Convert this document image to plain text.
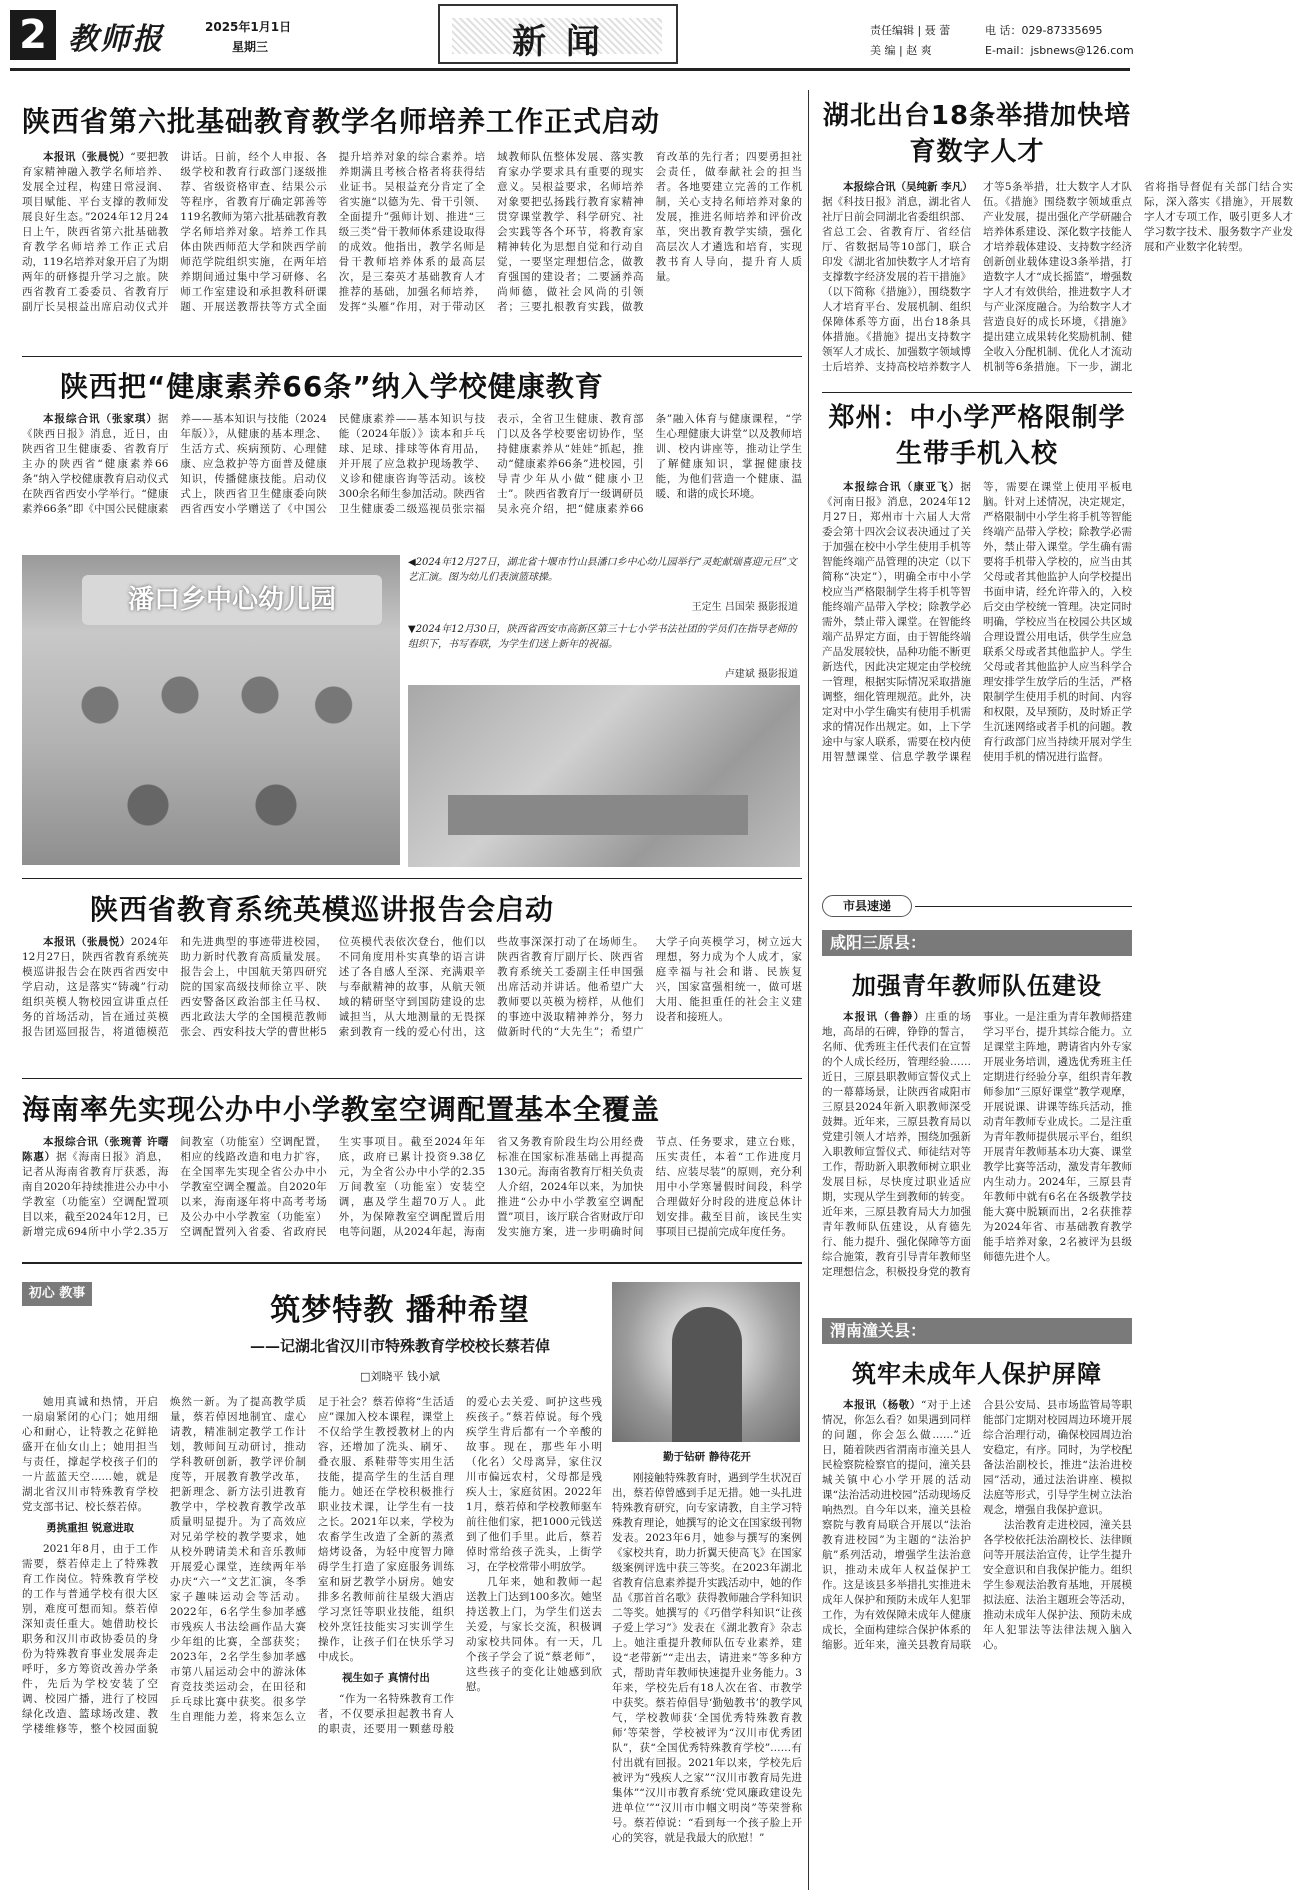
2 教师报	2025年1月1日
星期三	新 闻	责任编辑 | 聂 蕾	电 话：029-87335695
美 编 | 赵 爽	E-mail：jsbnews@126.com
陕西省第六批基础教育教学名师培养工作正式启动
本报讯（张晨悦）“要把教育家精神融入教学名师培养、发展全过程，构建日常浸润、项目赋能、平台支撑的教师发展良好生态。”2024年12月24日上午，陕西省第六批基础教育教学名师培养工作正式启动，119名培养对象开启了为期两年的研修提升学习之旅。陕西省教育工委委员、省教育厅副厅长吴根益出席启动仪式并讲话。日前，经个人申报、各级学校和教育行政部门逐级推荐、省级资格审查、结果公示等程序，省教育厅确定郭善等119名教师为第六批基础教育教学名师培养对象。培养工作具体由陕西师范大学和陕西学前师范学院组织实施，在两年培养期间通过集中学习研修、名师工作室建设和承担教科研课题、开展送教帮扶等方式全面提升培养对象的综合素养。培养期满且考核合格者将获得结业证书。吴根益充分肯定了全省实施“以德为先、骨干引领、全面提升”强师计划、推进“三级三类”骨干教师体系建设取得的成效。他指出，教学名师是骨干教师培养体系的最高层次，是三秦英才基础教育人才推荐的基础，加强名师培养，发挥“头雁”作用，对于带动区域教师队伍整体发展、落实教育家办学要求具有重要的现实意义。吴根益要求，名师培养对象要把弘扬践行教育家精神贯穿课堂教学、科学研究、社会实践等各个环节，将教育家精神转化为思想自觉和行动自觉，一要坚定理想信念，做教育强国的建设者；二要涵养高尚师德，做社会风尚的引领者；三要扎根教育实践，做教育改革的先行者；四要勇担社会责任，做奉献社会的担当者。各地要建立完善的工作机制，关心支持名师培养对象的发展，推进名师培养和评价改革，突出教育教学实绩，强化高层次人才遴选和培育，实现教书育人导向，提升育人质量。
陕西把“健康素养66条”纳入学校健康教育
本报综合讯（张家琪）据《陕西日报》消息，近日，由陕西省卫生健康委、省教育厅主办的陕西省“健康素养66条”纳入学校健康教育启动仪式在陕西省西安小学举行。“健康素养66条”即《中国公民健康素养——基本知识与技能（2024年版）》，从健康的基本理念、生活方式、疾病预防、心理健康、应急救护等方面普及健康知识，传播健康技能。启动仪式上，陕西省卫生健康委向陕西省西安小学赠送了《中国公民健康素养——基本知识与技能（2024年版）》读本和乒乓球、足球、排球等体育用品，并开展了应急救护现场教学、义诊和健康咨询等活动。该校300余名师生参加活动。陕西省卫生健康委二级巡视员张宗福表示，全省卫生健康、教育部门以及各学校要密切协作，坚持健康素养从“娃娃”抓起，推动“健康素养66条”进校园，引导青少年从小做“健康小卫士”。陕西省教育厅一级调研员吴永亮介绍，把“健康素养66条”融入体育与健康课程，“学生心理健康大讲堂”以及教师培训、校内讲座等，推动让学生了解健康知识，掌握健康技能，为他们营造一个健康、温暖、和谐的成长环境。
潘口乡中心幼儿园
◀2024年12月27日，湖北省十堰市竹山县潘口乡中心幼儿园举行“灵蛇献瑞喜迎元旦”文艺汇演。图为幼儿们表演篮球操。
王定生 吕国荣 摄影报道
▼2024年12月30日，陕西省西安市高新区第三十七小学书法社团的学员们在指导老师的组织下，书写春联，为学生们送上新年的祝福。
卢建斌 摄影报道
陕西省教育系统英模巡讲报告会启动
本报讯（张晨悦）2024年12月27日，陕西省教育系统英模巡讲报告会在陕西省西安中学启动，这是落实“铸魂”行动组织英模人物校园宣讲重点任务的首场活动，旨在通过英模报告团巡回报告，将道德模范和先进典型的事迹带进校园，助力新时代教育高质量发展。报告会上，中国航天第四研究院的国家高级技师徐立平、陕西安警备区政治部主任马权、西北政法大学的全国模范教师张会、西安科技大学的曹世彬5位英模代表依次登台，他们以不同角度用朴实真挚的语言讲述了各自感人至深、充满艰辛与奉献精神的故事，从航天领域的精研坚守到国防建设的忠诚担当，从大地测量的无畏探索到教育一线的爱心付出，这些故事深深打动了在场师生。陕西省教育厅副厅长、陕西省教育系统关工委副主任申国强出席活动并讲话。他希望广大教师要以英模为榜样，从他们的事迹中汲取精神养分，努力做新时代的“大先生”；希望广大学子向英模学习，树立远大理想，努力成为个人成才，家庭幸福与社会和谐、民族复兴，国家富强相统一，做可堪大用、能担重任的社会主义建设者和接班人。
海南率先实现公办中小学教室空调配置基本全覆盖
本报综合讯（张琬菁 许曙陈惠）据《海南日报》消息，记者从海南省教育厅获悉，海南自2020年持续推进公办中小学教室（功能室）空调配置项目以来，截至2024年12月，已新增完成694所中小学2.35万间教室（功能室）空调配置，相应的线路改造和电力扩容，在全国率先实现全省公办中小学教室空调全覆盖。自2020年以来，海南逐年将中高考考场及公办中小学教室（功能室）空调配置列入省委、省政府民生实事项目。截至2024年年底，政府已累计投资9.38亿元，为全省公办中小学的2.35万间教室（功能室）安装空调，惠及学生超70万人。此外，为保障教室空调配置后用电等问题，从2024年起，海南省又务教育阶段生均公用经费标准在国家标准基础上再提高130元。海南省教育厅相关负责人介绍，2024年以来，为加快推进“公办中小学教室空调配置”项目，该厅联合省财政厅印发实施方案，进一步明确时间节点、任务要求，建立台账，压实责任，本着“工作进度月结、应装尽装”的原则，充分利用中小学寒暑假时间段，科学合理做好分时段的进度总体计划安排。截至目前，该民生实事项目已提前完成年度任务。
初心 教事	筑梦特教 播种希望
——记湖北省汉川市特殊教育学校校长蔡若倬
□刘晓平 钱小斌

她用真诚和热情，开启一扇扇紧闭的心门；她用细心和耐心，让特教之花鲜艳盛开在仙女山上；她用担当与责任，撑起学校孩子们的一片蓝蓝天空……她，就是湖北省汉川市特殊教育学校党支部书记、校长蔡若倬。

勇挑重担 锐意进取

2021年8月，由于工作需要，蔡若倬走上了特殊教育工作岗位。特殊教育学校的工作与普通学校有很大区别，难度可想而知。蔡若倬深知责任重大。她借助校长职务和汉川市政协委员的身份为特殊教育事业发展奔走呼吁，多方筹资改善办学条件，先后为学校安装了空调、校园广播，进行了校园绿化改造、篮球场改建、教学楼维修等，整个校园面貌焕然一新。为了提高教学质量，蔡若倬因地制宜、虚心请教，精准制定教学工作计划，教师间互动研讨，推动学科教研创新，教学评价制度等，开展教育教学改革，把新理念、新方法引进教育教学中，学校教育教学改革质量明显提升。为了高效应对兄弟学校的教学要求，她从校外聘请美术和音乐教师开展爱心课堂，连续两年举办庆“六一”文艺汇演，冬季家子趣味运动会等活动。2022年，6名学生参加孝感市残疾人书法绘画作品大赛少年组的比赛，全部获奖；2023年，2名学生参加孝感市第八届运动会中的游泳体育竞技类运动会，在田径和乒乓球比赛中获奖。很多学生自理能力差，将来怎么立足于社会？蔡若倬将“生活适应”课加入校本课程，课堂上不仅给学生教授教材上的内容，还增加了洗头、刷牙、叠衣服、系鞋带等实用生活技能，提高学生的生活自理能力。她还在学校积极推行职业技术课，让学生有一技之长。2021年以来，学校为农畜学生改造了全新的蒸煮焙烤设备，为轻中度智力障碍学生打造了家庭服务训练室和厨艺教学小厨房。她安排多名教师前往星级大酒店学习烹饪等职业技能，组织校外烹饪技能实习实训学生操作，让孩子们在快乐学习中成长。

视生如子 真情付出

“作为一名特殊教育工作者，不仅要承担起教书育人的职责，还要用一颗慈母般的爱心去关爱、呵护这些残疾孩子。”蔡若倬说。每个残疾学生背后都有一个辛酸的故事。现在，那些年小明（化名）父母离异，家住汉川市偏远农村，父母都是残疾人士，家庭贫困。2022年1月，蔡若倬和学校教师驱车前往他们家，把1000元钱送到了他们手里。此后，蔡若倬时常给孩子洗头，上街学习，在学校常带小明放学。

几年来，她和教师一起送教上门达到100多次。她坚持送教上门，为学生们送去关爱，与家长交流，积极调动家校共同体。有一天，几个孩子学会了说“蔡老师”，这些孩子的变化让她感到欣慰。

勤于钻研 静待花开

刚接触特殊教育时，遇到学生状况百出，蔡若倬曾感到手足无措。她一头扎进特殊教育研究，向专家请教，自主学习特殊教育理论，她撰写的论文在国家级刊物发表。2023年6月，她参与撰写的案例《家校共育，助力折翼天使高飞》在国家级案例评选中获三等奖。在2023年湖北省教育信息素养提升实践活动中，她的作品《那首首名歌》获得教师融合学科知识二等奖。她撰写的《巧借学科知识“让孩子爱上学习”》发表在《湖北教育》杂志上。她注重提升教师队伍专业素养，建设“老带新”“走出去，请进来”等多种方式，帮助青年教师快速提升业务能力。3年来，学校先后有18人次在省、市教学中获奖。蔡若倬倡导‘勤勉教书’的教学风气，学校教师获‘全国优秀特殊教育教师’等荣誉，学校被评为“汉川市优秀团队”，获“全国优秀特殊教育学校”……有付出就有回报。2021年以来，学校先后被评为“残疾人之家”“汉川市教育局先进集体”“汉川市教育系统‘党风廉政建设先进单位’”“汉川市巾帼文明岗”等荣誉称号。蔡若倬说：“看到每一个孩子脸上开心的笑容，就是我最大的欣慰！”

湖北出台18条举措加快培育数字人才
本报综合讯（吴纯新 李凡）据《科技日报》消息，湖北省人社厅日前会同湖北省委组织部、省总工会、省教育厅、省经信厅、省数据局等10部门，联合印发《湖北省加快数字人才培育支撑数字经济发展的若干措施》（以下简称《措施》），围绕数字人才培育平台、发展机制、组织保障体系等方面，出台18条具体措施。《措施》提出支持数字领军人才成长、加强数字领域博士后培养、支持高校培养数字人才等5条举措，壮大数字人才队伍。《措施》围绕数字领域重点产业发展，提出强化产学研融合培养体系建设、深化数字技能人才培养载体建设、支持数字经济创新创业载体建设3条举措，打造数字人才“成长摇篮”，增强数字人才有效供给，推进数字人才与产业深度融合。为给数字人才营造良好的成长环境，《措施》提出建立成果转化奖励机制、健全收入分配机制、优化人才流动机制等6条措施。下一步，湖北省将指导督促有关部门结合实际，深入落实《措施》，开展数字人才专项工作，吸引更多人才学习数字技术、服务数字产业发展和产业数字化转型。
郑州：中小学严格限制学生带手机入校
本报综合讯（康亚飞）据《河南日报》消息，2024年12月27日，郑州市十六届人大常委会第十四次会议表决通过了关于加强在校中小学生使用手机等智能终端产品管理的决定（以下简称“决定”），明确全市中小学校应当严格限制学生将手机等智能终端产品带入学校；除教学必需外，禁止带入课堂。在智能终端产品界定方面，由于智能终端产品发展较快，品种功能不断更新迭代，因此决定规定由学校统一管理，根据实际情况采取措施调整，细化管理规范。此外，决定对中小学生确实有使用手机需求的情况作出规定。如，上下学途中与家人联系，需要在校内使用智慧课堂、信息学教学课程等，需要在课堂上使用平板电脑。针对上述情况，决定规定，严格限制中小学生将手机等智能终端产品带入学校；除教学必需外，禁止带入课堂。学生确有需要将手机带入学校的，应当由其父母或者其他监护人向学校提出书面申请，经允许带入的，入校后交由学校统一管理。决定同时明确，学校应当在校园公共区域合理设置公用电话，供学生应急联系父母或者其他监护人。学生父母或者其他监护人应当科学合理安排学生放学后的生活，严格限制学生使用手机的时间、内容和权限，及早预防，及时矫正学生沉迷网络或者手机的问题。教育行政部门应当持续开展对学生使用手机的情况进行监督。
市县速递
咸阳三原县：
加强青年教师队伍建设
本报讯（鲁静）庄重的场地，高昂的石碑，铮铮的誓言，名师、优秀班主任代表们在宣誓的个人成长经历，管理经验……近日，三原县职教师宣誓仪式上的一幕幕场景，让陕西省咸阳市三原县2024年新入职教师深受鼓舞。近年来，三原县教育局以党建引领人才培养，围绕加强新入职教师宣誓仪式、师徒结对等工作，帮助新入职教师树立职业发展目标，尽快度过职业适应期，实现从学生到教师的转变。近年来，三原县教育局大力加强青年教师队伍建设，从育德先行、能力提升、强化保障等方面综合施策，教育引导青年教师坚定理想信念，积极投身党的教育事业。一是注重为青年教师搭建学习平台，提升其综合能力。立足课堂主阵地，聘请省内外专家开展业务培训，遴选优秀班主任定期进行经验分享，组织青年教师参加“三原好课堂”教学观摩，开展说课、讲课等练兵活动，推动青年教师专业成长。二是注重为青年教师提供展示平台，组织开展青年教师基本功大赛、课堂教学比赛等活动，激发青年教师内生动力。2024年，三原县青年教师中就有6名在各级教学技能大赛中脱颖而出，2名获推荐为2024年省、市基础教育教学能手培养对象，2名被评为县级师德先进个人。
渭南潼关县：
筑牢未成年人保护屏障
本报讯（杨敬）“对于上述情况，你怎么看？如果遇到同样的问题，你会怎么做……”近日，随着陕西省渭南市潼关县人民检察院检察官的提问，潼关县城关镇中心小学开展的活动课“法治活动进校园”活动现场反响热烈。自今年以来，潼关县检察院与教育局联合开展以“法治教育进校园”为主题的“法治护航”系列活动，增强学生法治意识，推动未成年人权益保护工作。这是该县多举措扎实推进未成年人保护和预防未成年人犯罪工作，为有效保障未成年人健康成长，全面构建综合保护体系的缩影。近年来，潼关县教育局联合县公安局、县市场监管局等职能部门定期对校园周边环境开展综合治理行动，确保校园周边治安稳定，有序。同时，为学校配备法治副校长，推进“法治进校园”活动，通过法治讲座、模拟法庭等形式，引导学生树立法治观念，增强自我保护意识。
法治教育走进校园，潼关县各学校依托法治副校长、法律顾问等开展法治宣传，让学生提升安全意识和自我保护能力。组织学生参观法治教育基地，开展模拟法庭、法治主题班会等活动，推动未成年人保护法、预防未成年人犯罪法等法律法规入脑入心。
